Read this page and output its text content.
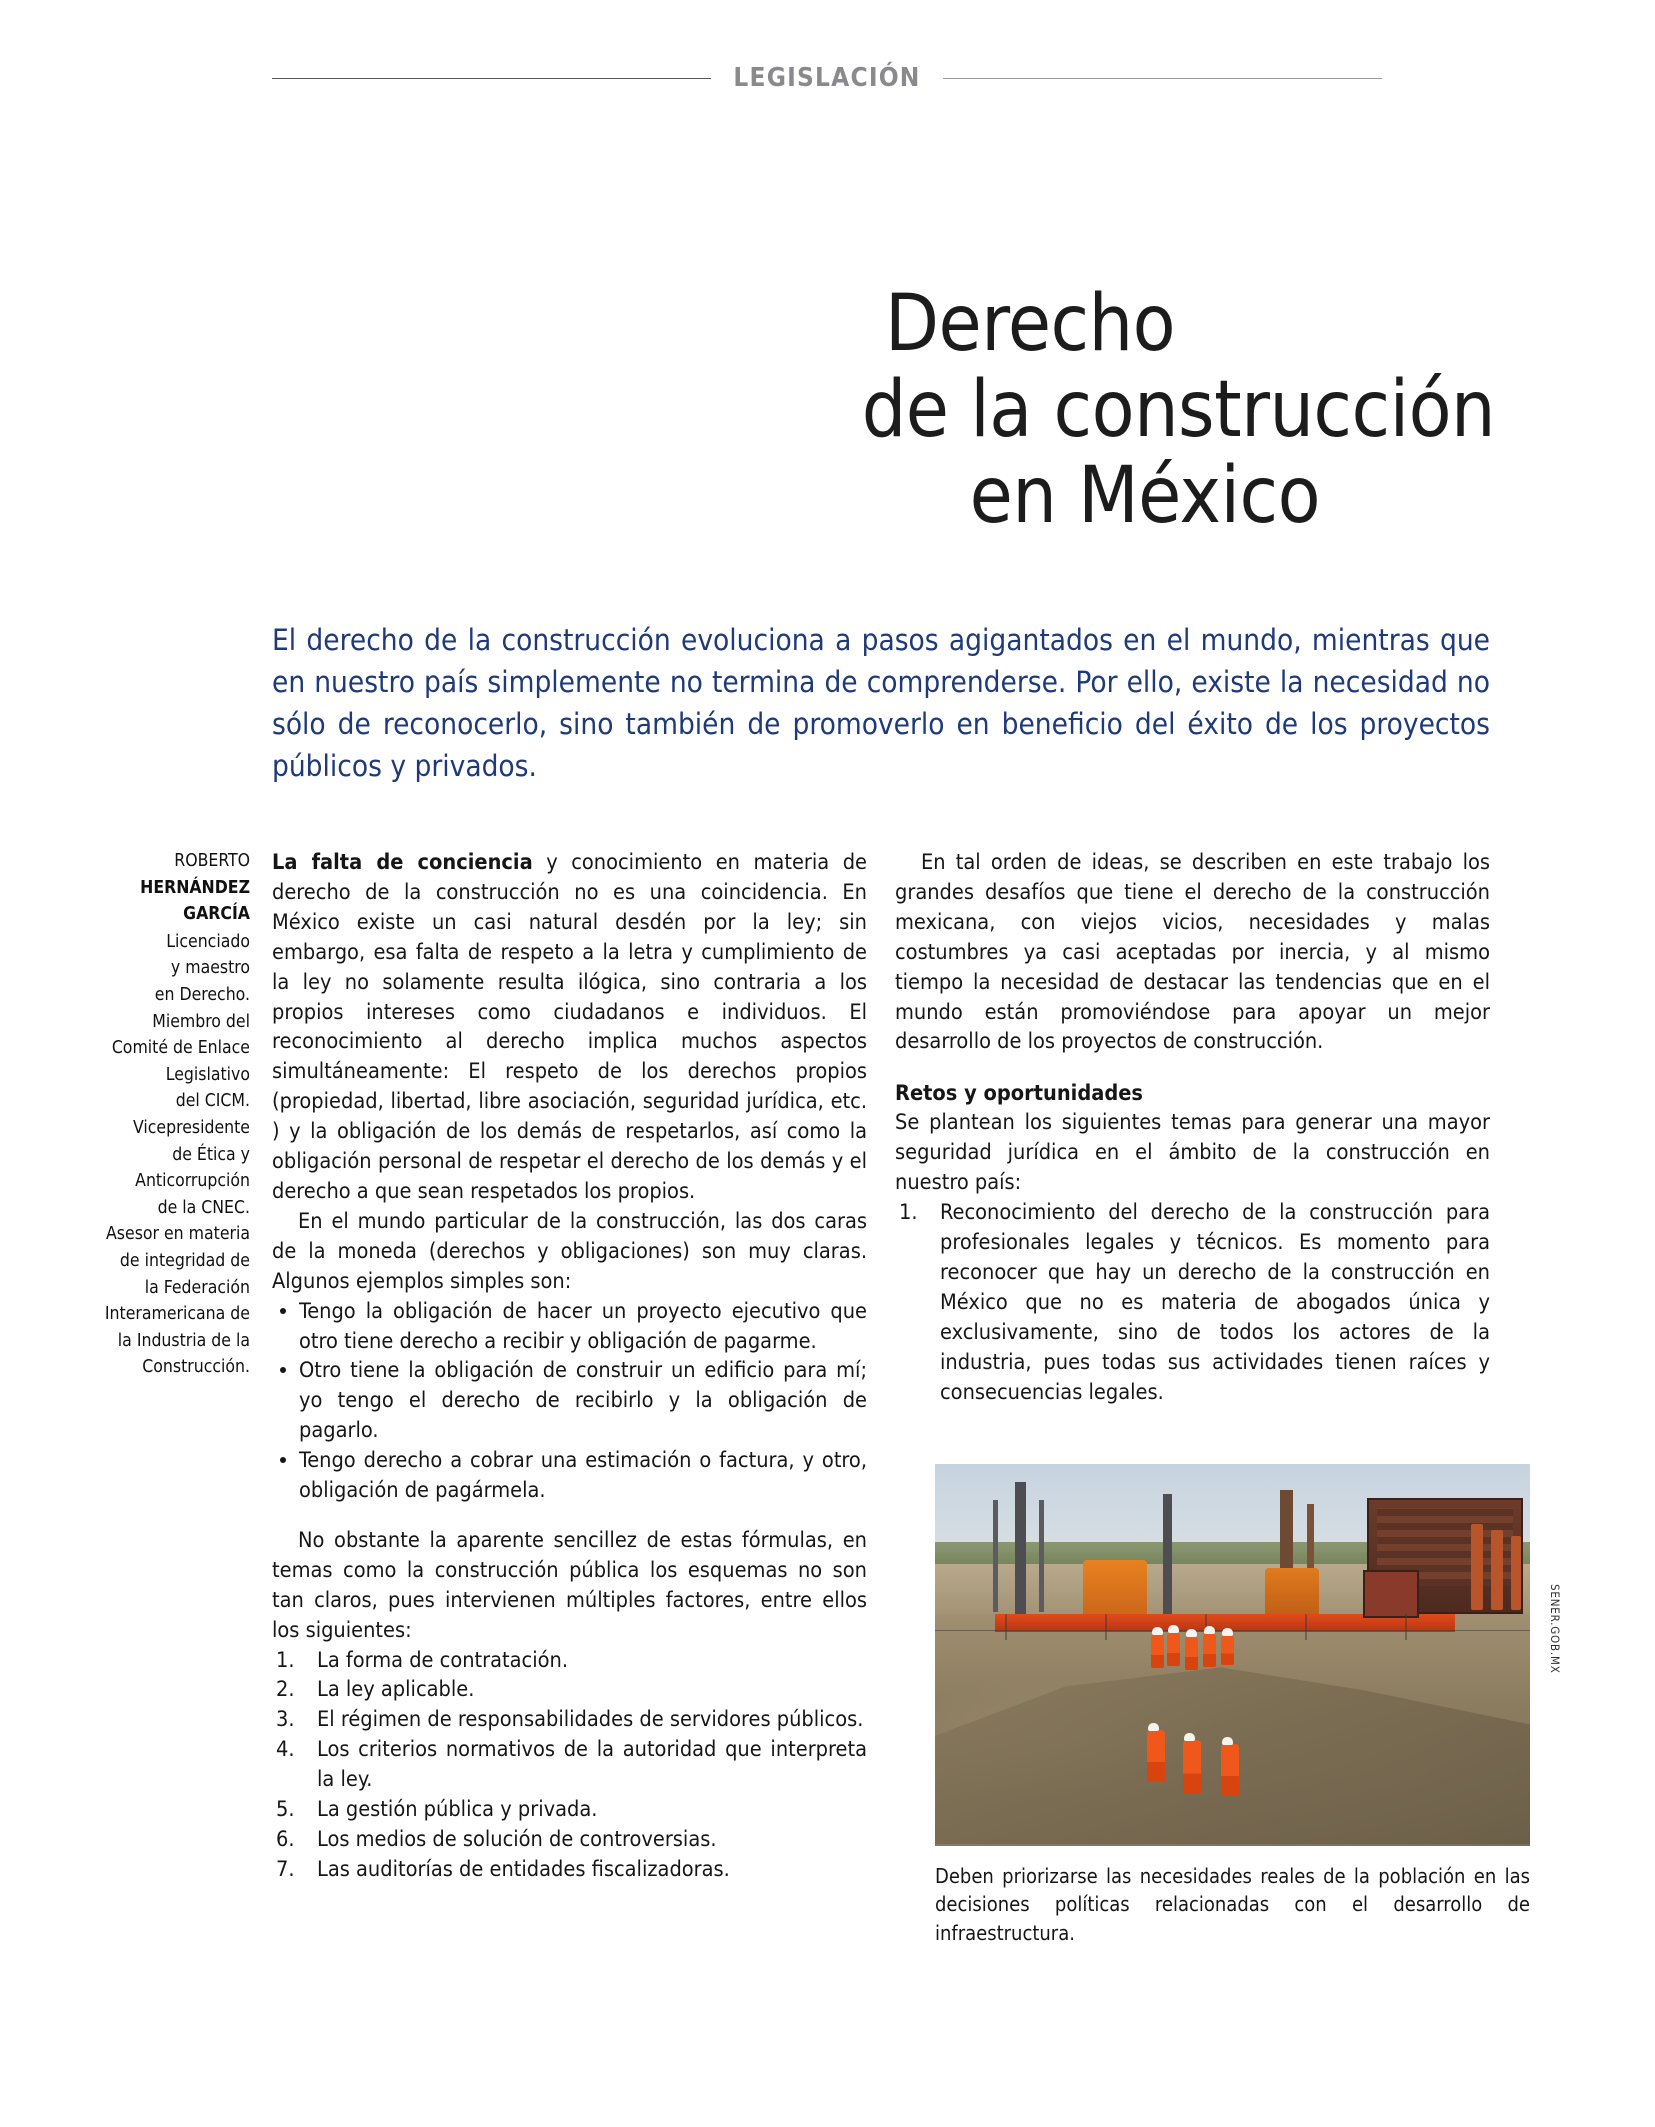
LEGISLACIÓN
Derecho
de la construcción
en México
El derecho de la construcción evoluciona a pasos agigantados en el mundo, mientras que en nuestro país simplemente no termina de comprenderse. Por ello, existe la necesidad no sólo de reconocerlo, sino también de promoverlo en beneficio del éxito de los proyectos públicos y privados.
ROBERTO
HERNÁNDEZ
GARCÍA
Licenciado
y maestro
en Derecho.
Miembro del
Comité de Enlace
Legislativo
del CICM.
Vicepresidente
de Ética y
Anticorrupción
de la CNEC.
Asesor en materia
de integridad de
la Federación
Interamericana de
la Industria de la
Construcción.

La falta de conciencia y conocimiento en materia de derecho de la construcción no es una coincidencia. En México existe un casi natural desdén por la ley; sin embargo, esa falta de respeto a la letra y cumplimiento de la ley no solamente resulta ilógica, sino contraria a los propios intereses como ciudadanos e individuos. El reconocimiento al derecho implica muchos aspectos simultáneamente: El respeto de los derechos propios (propiedad, libertad, libre asociación, seguridad jurídica, etc. ) y la obligación de los demás de respetarlos, así como la obligación personal de respetar el derecho de los demás y el derecho a que sean respetados los propios.

En el mundo particular de la construcción, las dos caras de la moneda (derechos y obligaciones) son muy claras. Algunos ejemplos simples son:

Tengo la obligación de hacer un proyecto ejecutivo que otro tiene derecho a recibir y obligación de pagarme.
Otro tiene la obligación de construir un edificio para mí; yo tengo el derecho de recibirlo y la obligación de pagarlo.
Tengo derecho a cobrar una estimación o factura, y otro, obligación de pagármela.

No obstante la aparente sencillez de estas fórmulas, en temas como la construcción pública los esquemas no son tan claros, pues intervienen múltiples factores, entre ellos los siguientes:

La forma de contratación.
La ley aplicable.
El régimen de responsabilidades de servidores públicos.
Los criterios normativos de la autoridad que interpreta la ley.
La gestión pública y privada.
Los medios de solución de controversias.
Las auditorías de entidades fiscalizadoras.

En tal orden de ideas, se describen en este trabajo los grandes desafíos que tiene el derecho de la construcción mexicana, con viejos vicios, necesidades y malas costumbres ya casi aceptadas por inercia, y al mismo tiempo la necesidad de destacar las tendencias que en el mundo están promoviéndose para apoyar un mejor desarrollo de los proyectos de construcción.

Retos y oportunidades

Se plantean los siguientes temas para generar una mayor seguridad jurídica en el ámbito de la construcción en nuestro país:

Reconocimiento del derecho de la construcción para profesionales legales y técnicos. Es momento para reconocer que hay un derecho de la construcción en México que no es materia de abogados única y exclusivamente, sino de todos los actores de la industria, pues todas sus actividades tienen raíces y consecuencias legales.
SENER.GOB.MX
Deben priorizarse las necesidades reales de la población en las decisiones políticas relacionadas con el desarrollo de infraestructura.
